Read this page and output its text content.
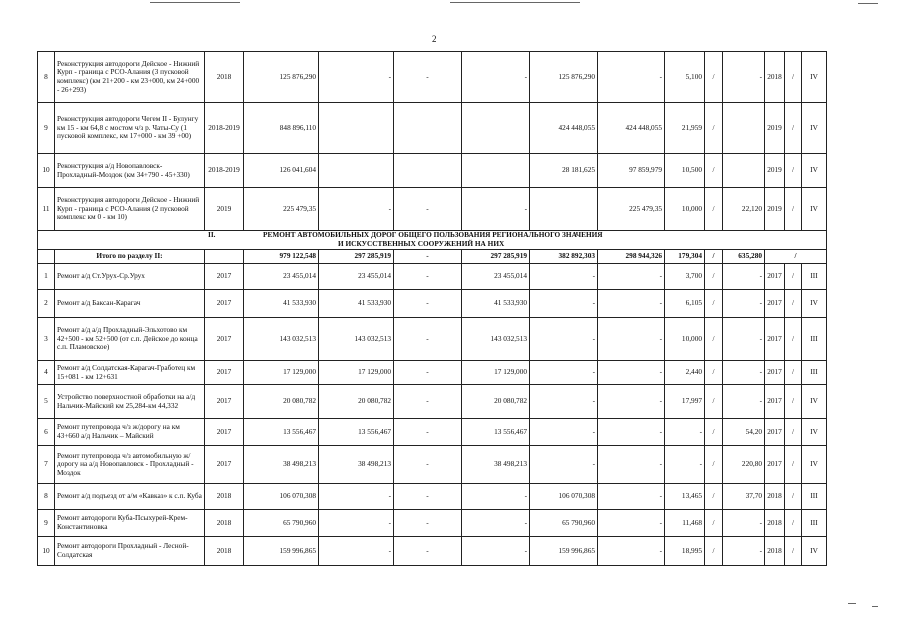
2
8	Реконструкция автодороги Дейское - Нижний Курп - граница с РСО-Алания (3 пусковой комплекс) (км 21+200 - км 23+000, км 24+000 - 26+293)	2018	125 876,290	-	-	-	125 876,290	-	5,100	/	-	2018	/	IV
9	Реконструкция автодороги Чегем II - Булунгу км 15 - км 64,8 с мостом ч/з р. Чаты-Су (1 пусковой комплекс, км 17+000 - км 39 +00)	2018-2019	848 896,110				424 448,055	424 448,055	21,959	/		2019	/	IV
10	Реконструкция а/д Новопавловск-Прохладный-Моздок (км 34+790 - 45+330)	2018-2019	126 041,604				28 181,625	97 859,979	10,500	/		2019	/	IV
11	Реконструкция автодороги Дейское - Нижний Курп - граница с РСО-Алания (2 пусковой комплекс км 0 - км 10)	2019	225 479,35	-	-	-		225 479,35	10,000	/	22,120	2019	/	IV

II. РЕМОНТ АВТОМОБИЛЬНЫХ ДОРОГ ОБЩЕГО ПОЛЬЗОВАНИЯ РЕГИОНАЛЬНОГО ЗНАЧЕНИЯ
И ИСКУССТВЕННЫХ СООРУЖЕНИЙ НА НИХ														

	Итого по разделу II:		979 122,548	297 285,919	-	297 285,919	382 892,303	298 944,326	179,304	/	635,280	/		
1	Ремонт а/д Ст.Урух-Ср.Урух	2017	23 455,014	23 455,014	-	23 455,014	-	-	3,700	/	-	2017	/	III
2	Ремонт а/д Баксан-Карагач	2017	41 533,930	41 533,930	-	41 533,930	-	-	6,105	/	-	2017	/	IV
3	Ремонт а/д а/д Прохладный-Эльхотово км 42+500 - км 52+500 (от с.п. Дейское до конца с.п. Пламовское)	2017	143 032,513	143 032,513	-	143 032,513	-	-	10,000	/	-	2017	/	III
4	Ремонт а/д Солдатская-Карагач-Гработец км 15+081 - км 12+631	2017	17 129,000	17 129,000	-	17 129,000	-	-	2,440	/	-	2017	/	III
5	Устройство поверхностной обработки на а/д Нальчик-Майский км 25,284-км 44,332	2017	20 080,782	20 080,782	-	20 080,782	-	-	17,997	/	-	2017	/	IV
6	Ремонт путепровода ч/з ж/дорогу на км 43+660 а/д Нальчик – Майский	2017	13 556,467	13 556,467	-	13 556,467	-	-	-	/	54,20	2017	/	IV
7	Ремонт путепровода ч/з автомобильную ж/дорогу на а/д Новопавловск - Прохладный - Моздок	2017	38 498,213	38 498,213	-	38 498,213	-	-	-	/	220,80	2017	/	IV
8	Ремонт а/д подъезд от а/м «Кавказ» к с.п. Куба	2018	106 070,308	-	-	-	106 070,308	-	13,465	/	37,70	2018	/	III
9	Ремонт автодороги Куба-Псыхурей-Крем-Константиновка	2018	65 790,960	-	-	-	65 790,960	-	11,468	/	-	2018	/	III
10	Ремонт автодороги Прохладный - Лесной-Солдатская	2018	159 996,865	-	-	-	159 996,865	-	18,995	/	-	2018	/	IV
